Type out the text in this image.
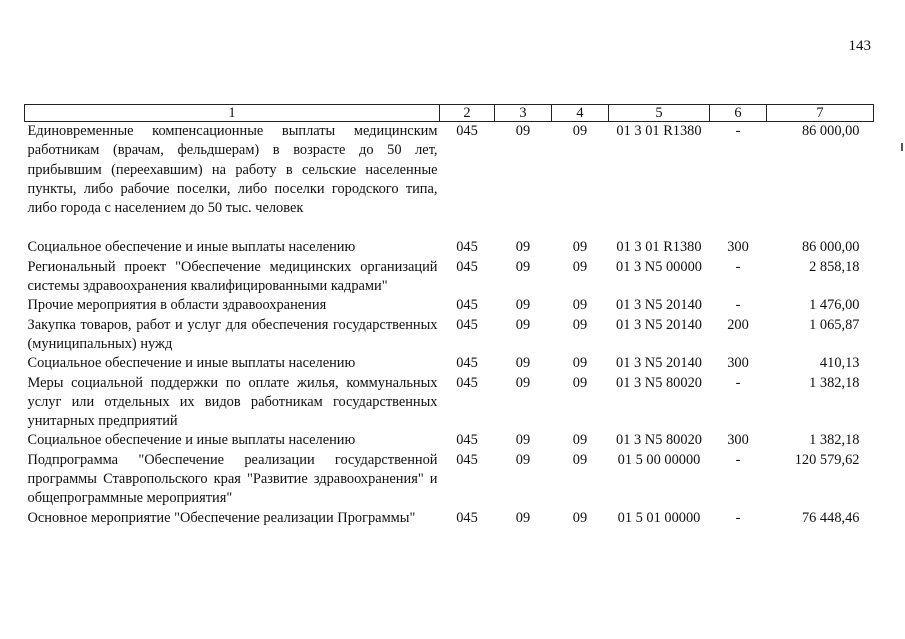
143
1	2	3	4	5	6	7
Единовременные компенсационные выплаты медицинским работникам (врачам, фельдшерам) в возрасте до 50 лет, прибывшим (переехавшим) на работу в сельские населенные пункты, либо рабочие поселки, либо поселки городского типа, либо города с населением до 50 тыс. человек	045	09	09	01 3 01 R1380	-	86 000,00

Социальное обеспечение и иные выплаты населению	045	09	09	01 3 01 R1380	300	86 000,00
Региональный проект "Обеспечение медицинских организаций системы здравоохранения квалифицированными кадрами"	045	09	09	01 3 N5 00000	-	2 858,18
Прочие мероприятия в области здравоохранения	045	09	09	01 3 N5 20140	-	1 476,00
Закупка товаров, работ и услуг для обеспечения государственных (муниципальных) нужд	045	09	09	01 3 N5 20140	200	1 065,87
Социальное обеспечение и иные выплаты населению	045	09	09	01 3 N5 20140	300	410,13
Меры социальной поддержки по оплате жилья, коммунальных услуг или отдельных их видов работникам государственных унитарных предприятий	045	09	09	01 3 N5 80020	-	1 382,18
Социальное обеспечение и иные выплаты населению	045	09	09	01 3 N5 80020	300	1 382,18
Подпрограмма "Обеспечение реализации государственной программы Ставропольского края "Развитие здравоохранения" и общепрограммные мероприятия"	045	09	09	01 5 00 00000	-	120 579,62
Основное мероприятие "Обеспечение реализации Программы"	045	09	09	01 5 01 00000	-	76 448,46
